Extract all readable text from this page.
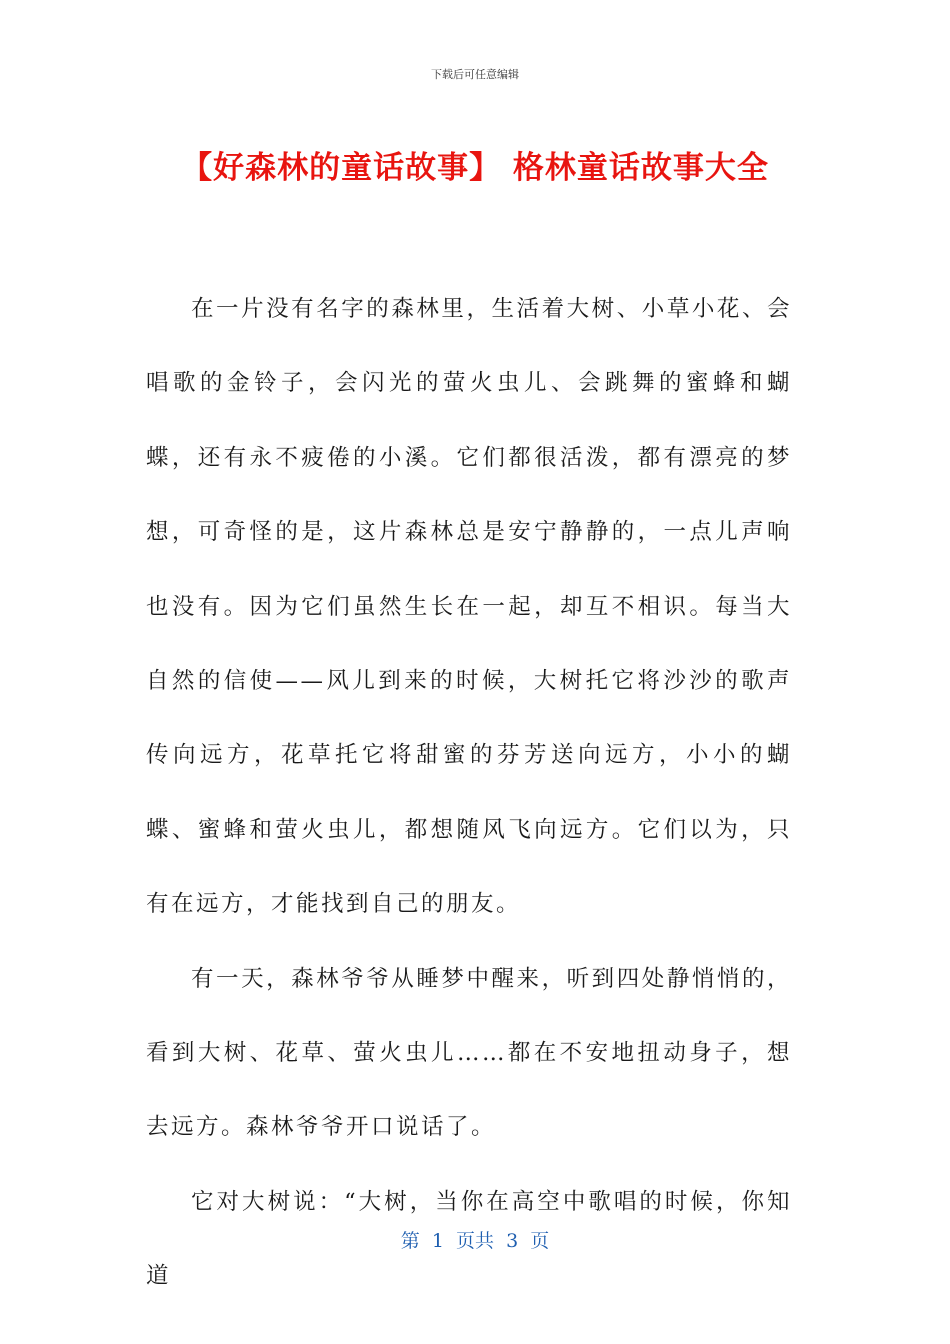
下载后可任意编辑
【好森林的童话故事】 格林童话故事大全

在一片没有名字的森林里，生活着大树、小草小花、会唱歌的金铃子，会闪光的萤火虫儿、会跳舞的蜜蜂和蝴蝶，还有永不疲倦的小溪。它们都很活泼，都有漂亮的梦想，可奇怪的是，这片森林总是安宁静静的，一点儿声响也没有。因为它们虽然生长在一起，却互不相识。每当大自然的信使——风儿到来的时候，大树托它将沙沙的歌声传向远方，花草托它将甜蜜的芬芳送向远方，小小的蝴蝶、蜜蜂和萤火虫儿，都想随风飞向远方。它们以为，只有在远方，才能找到自己的朋友。

有一天，森林爷爷从睡梦中醒来，听到四处静悄悄的，看到大树、花草、萤火虫儿……都在不安地扭动身子，想去远方。森林爷爷开口说话了。

它对大树说：“大树，当你在高空中歌唱的时候，你知道

第  1  页共  3  页
